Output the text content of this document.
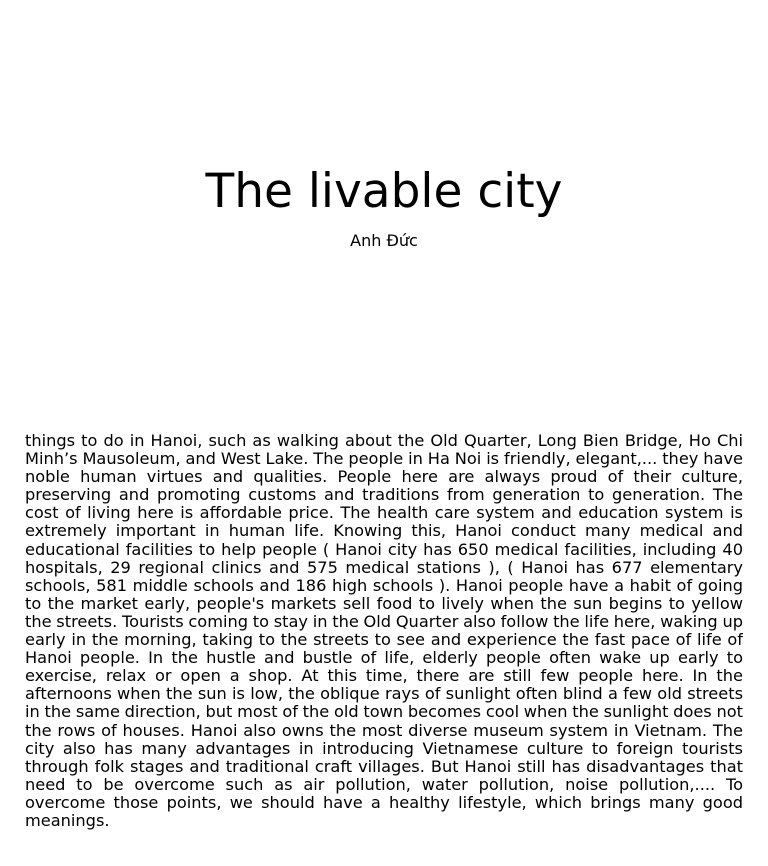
The livable city
Anh Đức

things to do in Hanoi, such as walking about the Old Quarter, Long Bien Bridge, Ho Chi Minh’s Mausoleum, and West Lake. The people in Ha Noi is friendly, elegant,... they have noble human virtues and qualities. People here are always proud of their culture, preserving and promoting customs and traditions from generation to generation. The cost of living here is affordable price. The health care system and education system is extremely important in human life. Knowing this, Hanoi conduct many medical and educational facilities to help people ( Hanoi city has 650 medical facilities, including 40 hospitals, 29 regional clinics and 575 medical stations ), ( Hanoi has 677 elementary schools, 581 middle schools and 186 high schools ). Hanoi people have a habit of going to the market early, people's markets sell food to lively when the sun begins to yellow the streets. Tourists coming to stay in the Old Quarter also follow the life here, waking up early in the morning, taking to the streets to see and experience the fast pace of life of Hanoi people. In the hustle and bustle of life, elderly people often wake up early to exercise, relax or open a shop. At this time, there are still few people here. In the afternoons when the sun is low, the oblique rays of sunlight often blind a few old streets in the same direction, but most of the old town becomes cool when the sunlight does not the rows of houses. Hanoi also owns the most diverse museum system in Vietnam. The city also has many advantages in introducing Vietnamese culture to foreign tourists through folk stages and traditional craft villages. But Hanoi still has disadvantages that need to be overcome such as air pollution, water pollution, noise pollution,.... To overcome those points, we should have a healthy lifestyle, which brings many good meanings.
